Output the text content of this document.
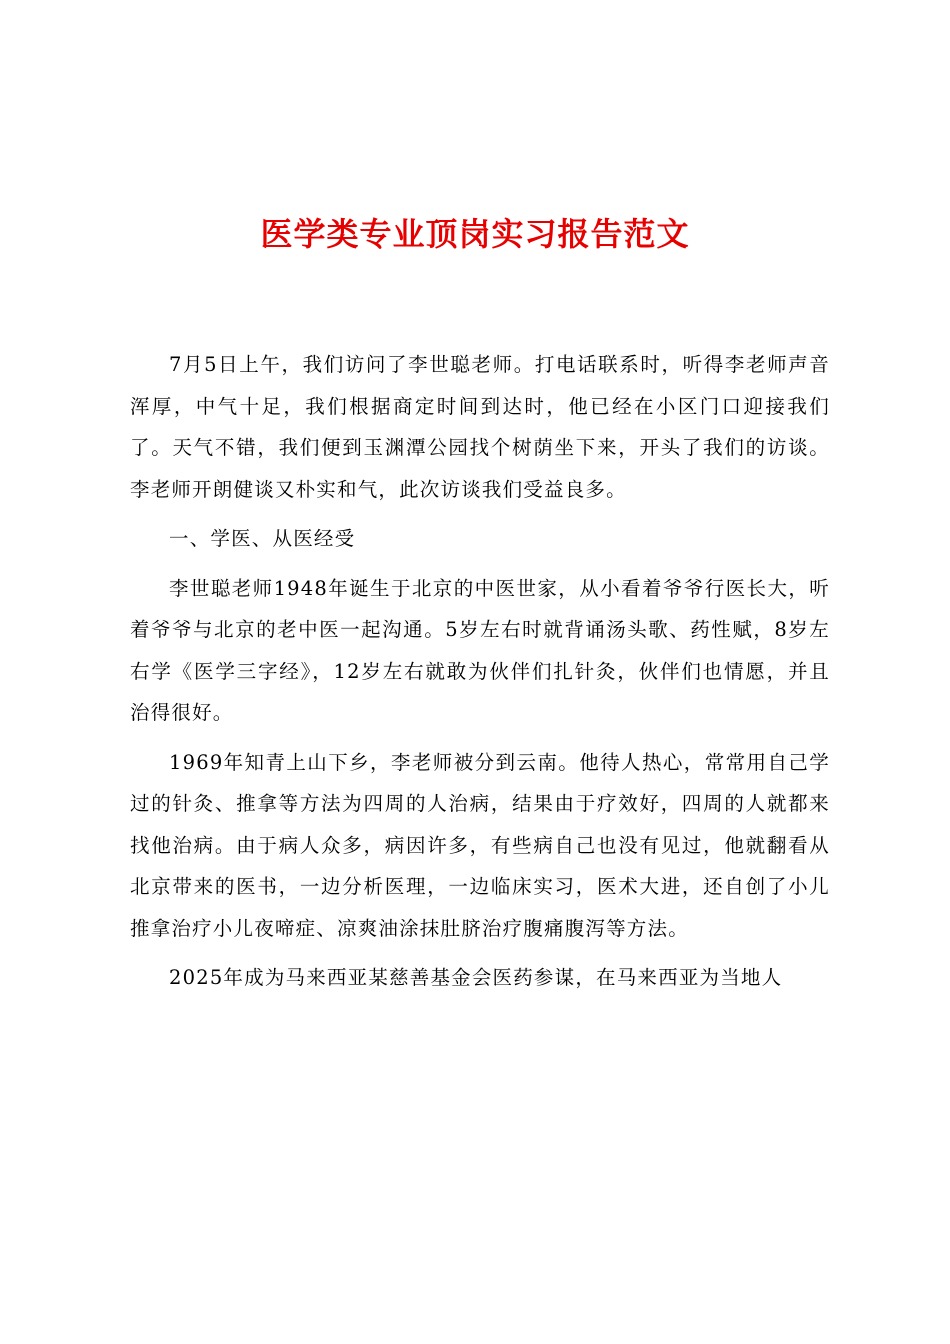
医学类专业顶岗实习报告范文

7月5日上午，我们访问了李世聪老师。打电话联系时，听得李老师声音浑厚，中气十足，我们根据商定时间到达时，他已经在小区门口迎接我们了。天气不错，我们便到玉渊潭公园找个树荫坐下来，开头了我们的访谈。李老师开朗健谈又朴实和气，此次访谈我们受益良多。

一、学医、从医经受

李世聪老师1948年诞生于北京的中医世家，从小看着爷爷行医长大，听着爷爷与北京的老中医一起沟通。5岁左右时就背诵汤头歌、药性赋，8岁左右学《医学三字经》，12岁左右就敢为伙伴们扎针灸，伙伴们也情愿，并且治得很好。

1969年知青上山下乡，李老师被分到云南。他待人热心，常常用自己学过的针灸、推拿等方法为四周的人治病，结果由于疗效好，四周的人就都来找他治病。由于病人众多，病因许多，有些病自己也没有见过，他就翻看从北京带来的医书，一边分析医理，一边临床实习，医术大进，还自创了小儿推拿治疗小儿夜啼症、凉爽油涂抹肚脐治疗腹痛腹泻等方法。

2025年成为马来西亚某慈善基金会医药参谋，在马来西亚为当地人
